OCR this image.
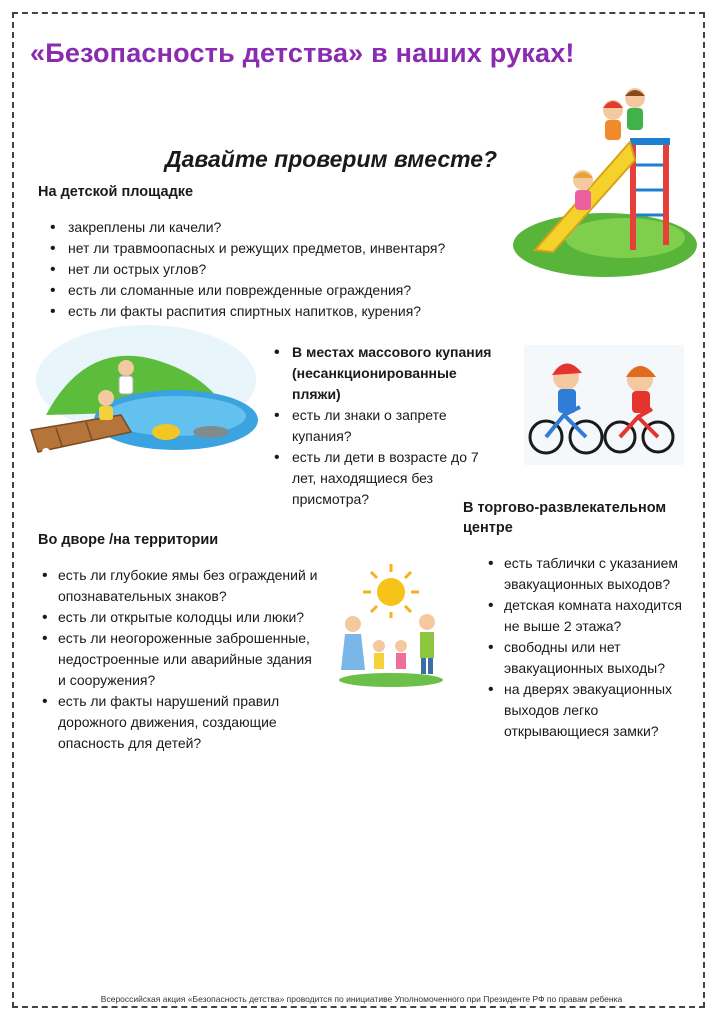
«Безопасность детства» в наших руках!
Давайте проверим вместе?
На детской площадке
• закреплены ли качели?
• нет ли травмоопасных и режущих предметов, инвентаря?
• нет ли острых углов?
• есть ли сломанные или поврежденные ограждения?
• есть ли факты распития спиртных напитков, курения?
• В местах массового купания (несанкционированные пляжи)
• есть ли знаки о запрете купания?
• есть ли дети в возрасте до 7 лет, находящиеся без присмотра?
В торгово-развлекательном центре
• есть таблички с указанием эвакуационных выходов?
• детская комната находится не выше 2 этажа?
• свободны или нет эвакуационных выходы?
• на дверях эвакуационных выходов легко открывающиеся замки?
Во дворе /на территории
• есть ли глубокие ямы без ограждений и опознавательных знаков?
• есть ли открытые колодцы или люки?
• есть ли неогороженные заброшенные, недостроенные или аварийные здания и сооружения?
• есть ли факты нарушений правил дорожного движения, создающие опасность для детей?
Всероссийская акция «Безопасность детства» проводится по инициативе Уполномоченного при Президенте РФ по правам ребенка
